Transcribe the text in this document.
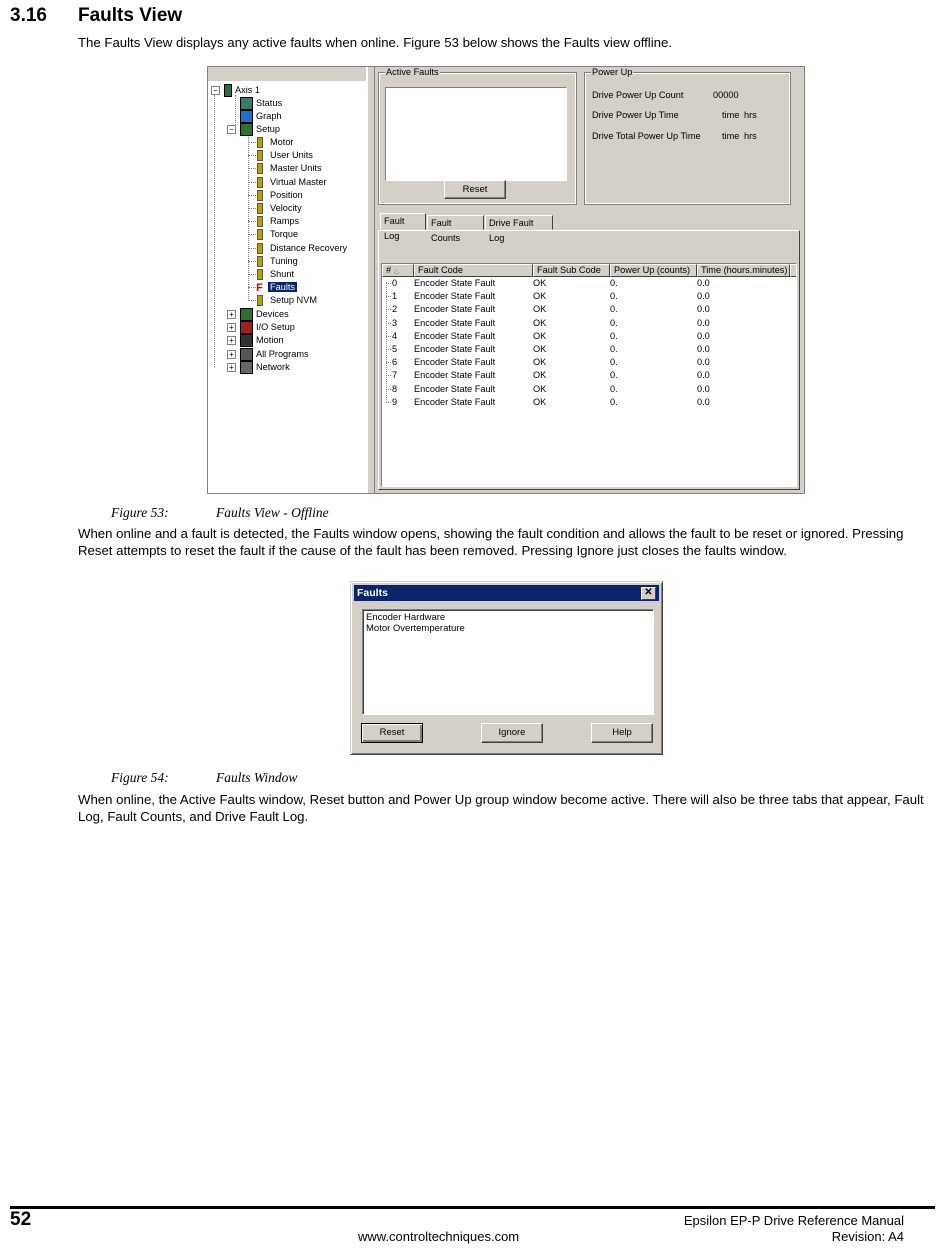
3.16 Faults View
The Faults View displays any active faults when online. Figure 53 below shows the Faults view offline.
−	Axis 1
Status
Graph
−	Setup
Motor
User Units
Master Units
Virtual Master
Position
Velocity
Ramps
Torque
Distance Recovery
Tuning
Shunt
F Faults
Setup NVM
+	Devices
+	I/O Setup
+	Motion
+	All Programs
+	Network
Active Faults
Reset
Power Up
Drive Power Up Count	00000
Drive Power Up Time	time hrs
Drive Total Power Up Time time hrs
Fault Log
Fault Counts
Drive Fault Log
# △	Fault Code	Fault Sub Code	Power Up (counts)	Time (hours.minutes)
0 Encoder State Fault	OK	0.	0.0
1 Encoder State Fault	OK	0.	0.0
2 Encoder State Fault	OK	0.	0.0
3 Encoder State Fault	OK	0.	0.0
4 Encoder State Fault	OK	0.	0.0
5 Encoder State Fault	OK	0.	0.0
6 Encoder State Fault	OK	0.	0.0
7 Encoder State Fault	OK	0.	0.0
8 Encoder State Fault	OK	0.	0.0
9 Encoder State Fault	OK	0.	0.0
Figure 53:	Faults View - Offline
When online and a fault is detected, the Faults window opens, showing the fault condition and allows the fault to be reset or ignored. Pressing Reset attempts to reset the fault if the cause of the fault has been removed. Pressing Ignore just closes the faults window.
Faults	✕
Encoder Hardware
Motor Overtemperature
Reset	Ignore	Help
Figure 54:	Faults Window
When online, the Active Faults window, Reset button and Power Up group window become active. There will also be three tabs that appear, Fault Log, Fault Counts, and Drive Fault Log.
52	Epsilon EP-P Drive Reference Manual
www.controltechniques.com	Revision: A4
